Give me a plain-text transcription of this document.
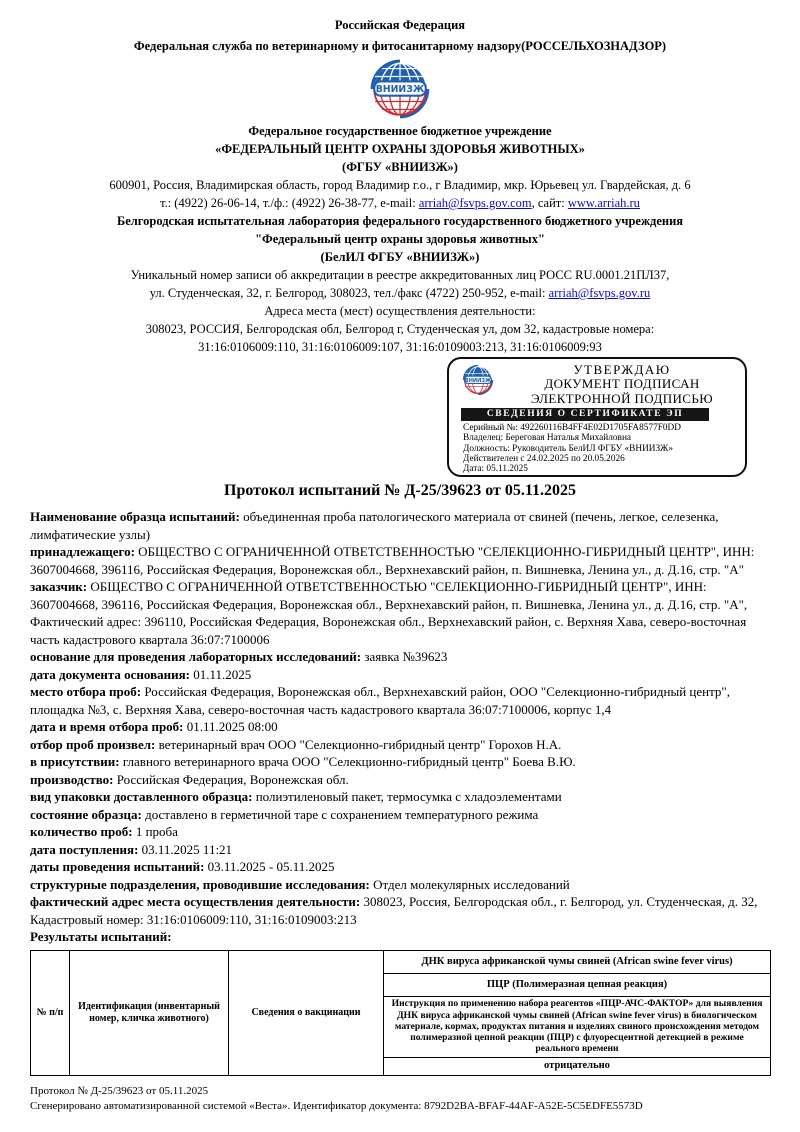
Российская Федерация
Федеральная служба по ветеринарному и фитосанитарному надзору(РОССЕЛЬХОЗНАДЗОР)
ВНИИЗЖ
Федеральное государственное бюджетное учреждение
«ФЕДЕРАЛЬНЫЙ ЦЕНТР ОХРАНЫ ЗДОРОВЬЯ ЖИВОТНЫХ»
(ФГБУ «ВНИИЗЖ»)
600901, Россия, Владимирская область, город Владимир г.о., г Владимир, мкр. Юрьевец ул. Гвардейская, д. 6
т.: (4922) 26-06-14, т./ф.: (4922) 26-38-77, e-mail: arriah@fsvps.gov.com, сайт: www.arriah.ru
Белгородская испытательная лаборатория федерального государственного бюджетного учреждения
"Федеральный центр охраны здоровья животных"
(БелИЛ ФГБУ «ВНИИЗЖ»)
Уникальный номер записи об аккредитации в реестре аккредитованных лиц РОСС RU.0001.21ПЛ37,
ул. Студенческая, 32, г. Белгород, 308023, тел./факс (4722) 250-952, e-mail: arriah@fsvps.gov.ru
Адреса места (мест) осуществления деятельности:
308023, РОССИЯ, Белгородская обл, Белгород г, Студенческая ул, дом 32, кадастровые номера:
31:16:0106009:110, 31:16:0106009:107, 31:16:0109003:213, 31:16:0106009:93
ВНИИЗЖ
УТВЕРЖДАЮ
ДОКУМЕНТ ПОДПИСАН
ЭЛЕКТРОННОЙ ПОДПИСЬЮ
СВЕДЕНИЯ О СЕРТИФИКАТЕ ЭП
Серийный №: 492260116B4FF4E02D1705FA8577F0DD
Владелец: Береговая Наталья Михайловна
Должность: Руководитель БелИЛ ФГБУ «ВНИИЗЖ»
Действителен с 24.02.2025 по 20.05.2026
Дата: 05.11.2025
Протокол испытаний № Д-25/39623 от 05.11.2025

Наименование образца испытаний: объединенная проба патологического материала от свиней (печень, легкое, селезенка, лимфатические узлы)

принадлежащего: ОБЩЕСТВО С ОГРАНИЧЕННОЙ ОТВЕТСТВЕННОСТЬЮ "СЕЛЕКЦИОННО-ГИБРИДНЫЙ ЦЕНТР", ИНН: 3607004668, 396116, Российская Федерация, Воронежская обл., Верхнехавский район, п. Вишневка, Ленина ул., д. Д.16, стр. "А"

заказчик: ОБЩЕСТВО С ОГРАНИЧЕННОЙ ОТВЕТСТВЕННОСТЬЮ "СЕЛЕКЦИОННО-ГИБРИДНЫЙ ЦЕНТР", ИНН: 3607004668, 396116, Российская Федерация, Воронежская обл., Верхнехавский район, п. Вишневка, Ленина ул., д. Д.16, стр. "А", Фактический адрес: 396110, Российская Федерация, Воронежская обл., Верхнехавский район, с. Верхняя Хава, северо-восточная часть кадастрового квартала 36:07:7100006

основание для проведения лабораторных исследований: заявка №39623

дата документа основания: 01.11.2025

место отбора проб: Российская Федерация, Воронежская обл., Верхнехавский район, ООО "Селекционно-гибридный центр", площадка №3, с. Верхняя Хава, северо-восточная часть кадастрового квартала 36:07:7100006, корпус 1,4

дата и время отбора проб: 01.11.2025 08:00

отбор проб произвел: ветеринарный врач ООО "Селекционно-гибридный центр" Горохов Н.А.

в присутствии: главного ветеринарного врача ООО "Селекционно-гибридный центр" Боева В.Ю.

производство: Российская Федерация, Воронежская обл.

вид упаковки доставленного образца: полиэтиленовый пакет, термосумка с хладоэлементами

состояние образца: доставлено в герметичной таре с сохранением температурного режима

количество проб: 1 проба

дата поступления: 03.11.2025 11:21

даты проведения испытаний: 03.11.2025 - 05.11.2025

структурные подразделения, проводившие исследования: Отдел молекулярных исследований

фактический адрес места осуществления деятельности: 308023, Россия, Белгородская обл., г. Белгород, ул. Студенческая, д. 32, Кадастровый номер: 31:16:0106009:110, 31:16:0109003:213

Результаты испытаний:

№ п/п	Идентификация (инвентарный номер, кличка животного)	Сведения о вакцинации	ДНК вируса африканской чумы свиней (African swine fever virus)
ПЦР (Полимеразная цепная реакция)
Инструкция по применению набора реагентов «ПЦР-АЧС-ФАКТОР» для выявления ДНК вируса африканской чумы свиней (African swine fever virus) в биологическом материале, кормах, продуктах питания и изделиях свиного происхождения методом полимеразной цепной реакции (ПЦР) с флуоресцентной детекцией в режиме реального времени
отрицательно
Протокол № Д-25/39623 от 05.11.2025
Сгенерировано автоматизированной системой «Веста». Идентификатор документа: 8792D2BA-BFAF-44AF-A52E-5C5EDFE5573D
